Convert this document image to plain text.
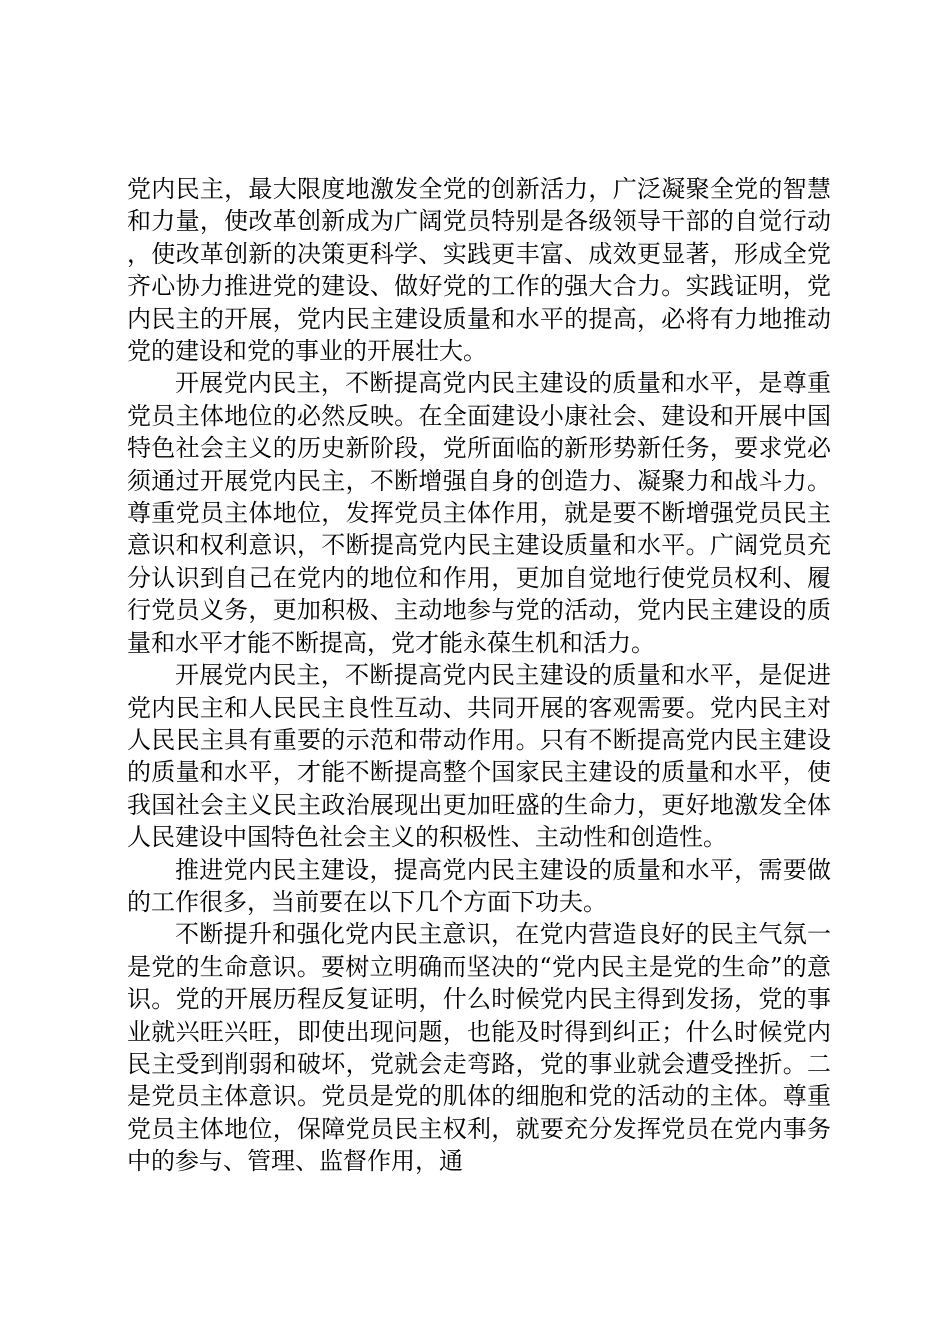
党内民主，最大限度地激发全党的创新活力，广泛凝聚全党的智慧和力量，使改革创新成为广阔党员特别是各级领导干部的自觉行动，使改革创新的决策更科学、实践更丰富、成效更显著，形成全党齐心协力推进党的建设、做好党的工作的强大合力。实践证明，党内民主的开展，党内民主建设质量和水平的提高，必将有力地推动党的建设和党的事业的开展壮大。

开展党内民主，不断提高党内民主建设的质量和水平，是尊重党员主体地位的必然反映。在全面建设小康社会、建设和开展中国特色社会主义的历史新阶段，党所面临的新形势新任务，要求党必须通过开展党内民主，不断增强自身的创造力、凝聚力和战斗力。尊重党员主体地位，发挥党员主体作用，就是要不断增强党员民主意识和权利意识，不断提高党内民主建设质量和水平。广阔党员充分认识到自己在党内的地位和作用，更加自觉地行使党员权利、履行党员义务，更加积极、主动地参与党的活动，党内民主建设的质量和水平才能不断提高，党才能永葆生机和活力。

开展党内民主，不断提高党内民主建设的质量和水平，是促进党内民主和人民民主良性互动、共同开展的客观需要。党内民主对人民民主具有重要的示范和带动作用。只有不断提高党内民主建设的质量和水平，才能不断提高整个国家民主建设的质量和水平，使我国社会主义民主政治展现出更加旺盛的生命力，更好地激发全体人民建设中国特色社会主义的积极性、主动性和创造性。

推进党内民主建设，提高党内民主建设的质量和水平，需要做的工作很多，当前要在以下几个方面下功夫。

不断提升和强化党内民主意识，在党内营造良好的民主气氛一是党的生命意识。要树立明确而坚决的“党内民主是党的生命”的意识。党的开展历程反复证明，什么时候党内民主得到发扬，党的事业就兴旺兴旺，即使出现问题，也能及时得到纠正；什么时候党内民主受到削弱和破坏，党就会走弯路，党的事业就会遭受挫折。二是党员主体意识。党员是党的肌体的细胞和党的活动的主体。尊重党员主体地位，保障党员民主权利，就要充分发挥党员在党内事务中的参与、管理、监督作用，通
